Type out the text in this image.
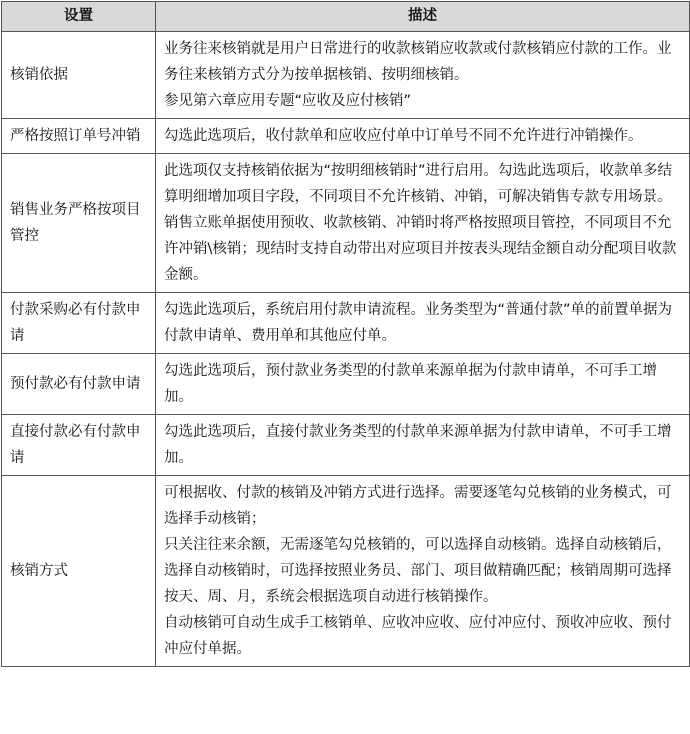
设置	描述
核销依据	业务往来核销就是用户日常进行的收款核销应收款或付款核销应付款的工作。业务往来核销方式分为按单据核销、按明细核销。

参见第六章应用专题“应收及应付核销”

严格按照订单号冲销	勾选此选项后，收付款单和应收应付单中订单号不同不允许进行冲销操作。

销售业务严格按项目管控	此选项仅支持核销依据为“按明细核销时”进行启用。勾选此选项后，收款单多结算明细增加项目字段，不同项目不允许核销、冲销，可解决销售专款专用场景。销售立账单据使用预收、收款核销、冲销时将严格按照项目管控，不同项目不允许冲销\核销；现结时支持自动带出对应项目并按表头现结金额自动分配项目收款金额。

付款采购必有付款申请	勾选此选项后，系统启用付款申请流程。业务类型为“普通付款”单的前置单据为付款申请单、费用单和其他应付单。

预付款必有付款申请	勾选此选项后，预付款业务类型的付款单来源单据为付款申请单，不可手工增加。

直接付款必有付款申请	勾选此选项后，直接付款业务类型的付款单来源单据为付款申请单，不可手工增加。

核销方式	可根据收、付款的核销及冲销方式进行选择。需要逐笔勾兑核销的业务模式，可选择手动核销；

只关注往来余额，无需逐笔勾兑核销的，可以选择自动核销。选择自动核销后，选择自动核销时，可选择按照业务员、部门、项目做精确匹配；核销周期可选择按天、周、月，系统会根据选项自动进行核销操作。

自动核销可自动生成手工核销单、应收冲应收、应付冲应付、预收冲应收、预付冲应付单据。
